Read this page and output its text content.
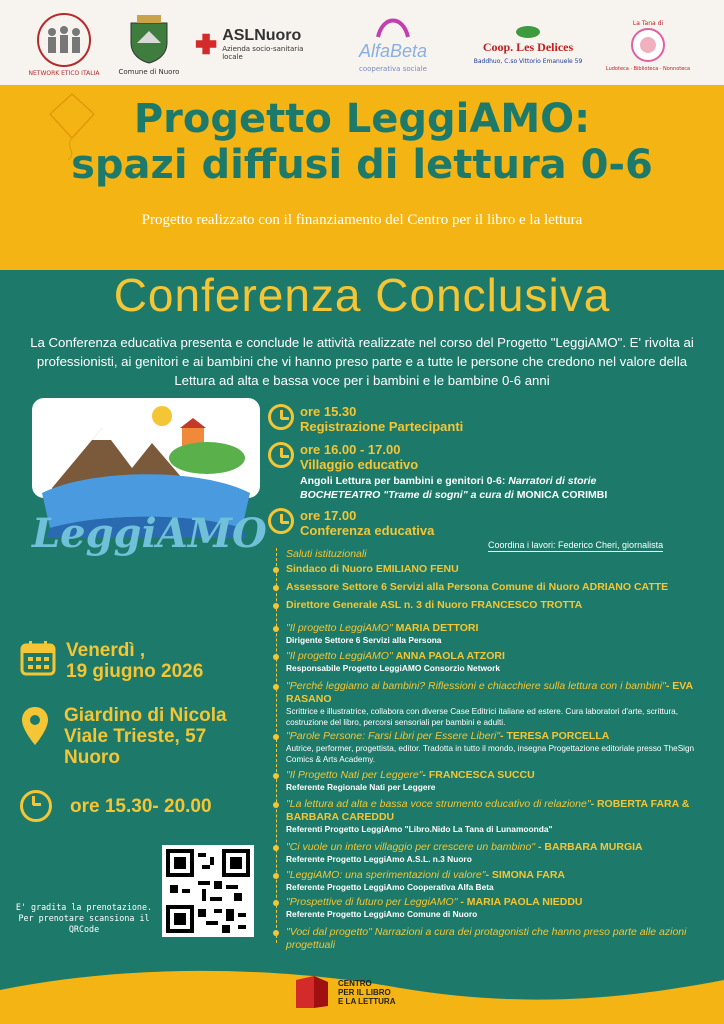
NETWORK ETICO ITALIA	Comune di Nuoro
ASLNuoro
Azienda socio-sanitaria locale	AlfaBeta
cooperativa sociale
Coop. Les Delices
Baddhuo, C.so Vittorio Emanuele 59
La Tana di
Ludoteca · Biblioteca · Nonnoteca
Progetto LeggiAMO:
spazi diffusi di lettura 0-6
Progetto realizzato con il finanziamento del Centro per il libro e la lettura
Conferenza Conclusiva
La Conferenza educativa presenta e conclude le attività realizzate nel corso del Progetto "LeggiAMO". E' rivolta ai professionisti, ai genitori e ai bambini che vi hanno preso parte e a tutte le persone che credono nel valore della Lettura ad alta e bassa voce per i bambini e le bambine 0-6 anni
LeggiAMO
ore 15.30
Registrazione Partecipanti
ore 16.00 - 17.00
Villaggio educativo
Angoli Lettura per bambini e genitori 0-6: Narratori di storie
BOCHETEATRO "Trame di sogni" a cura di MONICA CORIMBI
ore 17.00
Conferenza educativa
Coordina i lavori: Federico Cheri, giornalista
Saluti istituzionali
Sindaco di Nuoro EMILIANO FENU
Assessore Settore 6 Servizi alla Persona Comune di Nuoro ADRIANO CATTE
Direttore Generale ASL n. 3 di Nuoro FRANCESCO TROTTA
"Il progetto LeggiAMO" MARIA DETTORI
Dirigente Settore 6 Servizi alla Persona
"Il progetto LeggiAMO" ANNA PAOLA ATZORI
Responsabile Progetto LeggiAMO Consorzio Network
"Perché leggiamo ai bambini? Riflessioni e chiacchiere sulla lettura con i bambini"- EVA RASANO
Scrittrice e illustratrice, collabora con diverse Case Editrici italiane ed estere. Cura laboratori d'arte, scrittura, costruzione del libro, percorsi sensoriali per bambini e adulti.
"Parole Persone: Farsi Libri per Essere Liberi"- TERESA PORCELLA
Autrice, performer, progettista, editor. Tradotta in tutto il mondo, insegna Progettazione editoriale presso TheSign Comics & Arts Academy.
"Il Progetto Nati per Leggere"- FRANCESCA SUCCU
Referente Regionale Nati per Leggere
"La lettura ad alta e bassa voce strumento educativo di relazione"- ROBERTA FARA & BARBARA CAREDDU
Referenti Progetto LeggiAmo "Libro.Nido La Tana di Lunamoonda"
"Ci vuole un intero villaggio per crescere un bambino" - BARBARA MURGIA
Referente Progetto LeggiAmo A.S.L. n.3 Nuoro
"LeggiAMO: una sperimentazioni di valore"- SIMONA FARA
Referente Progetto LeggiAmo Cooperativa Alfa Beta
"Prospettive di futuro per LeggiAMO" - MARIA PAOLA NIEDDU
Referente Progetto LeggiAmo Comune di Nuoro
"Voci dal progetto" Narrazioni a cura dei protagonisti che hanno preso parte alle azioni progettuali
Venerdì ,
19 giugno 2026
Giardino di Nicola
Viale Trieste, 57
Nuoro
ore 15.30- 20.00
E' gradita la prenotazione. Per prenotare scansiona il QRCode
CENTRO
PER IL LIBRO
E LA LETTURA
